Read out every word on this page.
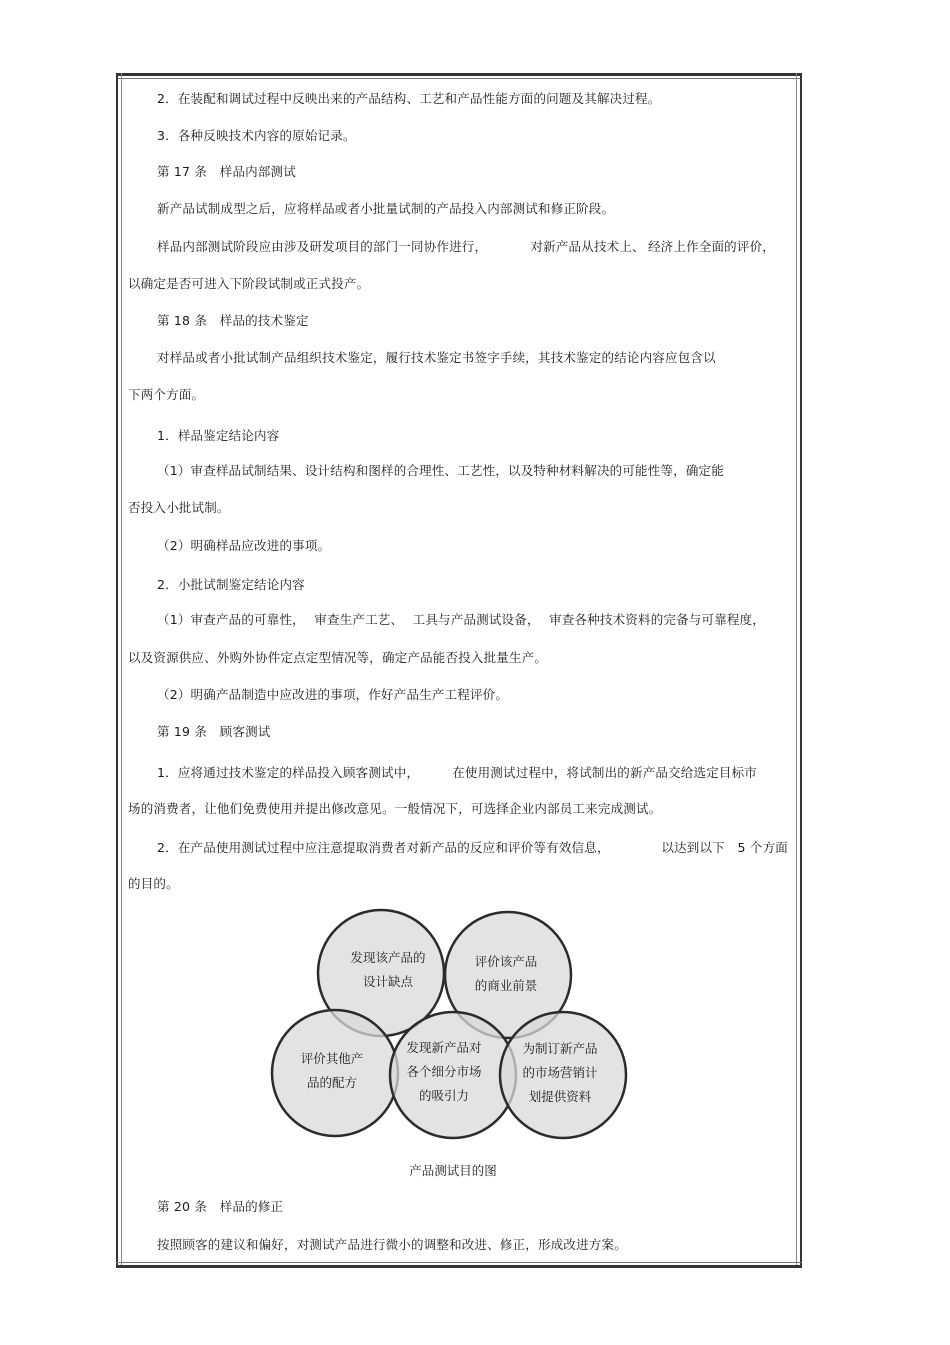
2．在装配和调试过程中反映出来的产品结构、工艺和产品性能方面的问题及其解决过程。
3．各种反映技术内容的原始记录。
第 17 条　样品内部测试
新产品试制成型之后，应将样品或者小批量试制的产品投入内部测试和修正阶段。
样品内部测试阶段应由涉及研发项目的部门一同协作进行，	对新产品从技术上、 经济上作全面的评价，
以确定是否可进入下阶段试制或正式投产。
第 18 条　样品的技术鉴定
对样品或者小批试制产品组织技术鉴定，履行技术鉴定书签字手续，其技术鉴定的结论内容应包含以
下两个方面。
1．样品鉴定结论内容
（1）审查样品试制结果、设计结构和图样的合理性、工艺性，以及特种材料解决的可能性等，确定能
否投入小批试制。
（2）明确样品应改进的事项。
2．小批试制鉴定结论内容
（1）审查产品的可靠性， 审查生产工艺、 工具与产品测试设备， 审查各种技术资料的完备与可靠程度，
以及资源供应、外购外协件定点定型情况等，确定产品能否投入批量生产。
（2）明确产品制造中应改进的事项，作好产品生产工程评价。
第 19 条　顾客测试
1．应将通过技术鉴定的样品投入顾客测试中，	在使用测试过程中，将试制出的新产品交给选定目标市
场的消费者，让他们免费使用并提出修改意见。一般情况下，可选择企业内部员工来完成测试。
2．在产品使用测试过程中应注意提取消费者对新产品的反应和评价等有效信息，	以达到以下　5 个方面
的目的。
发现该产品的
设计缺点
评价该产品
的商业前景
评价其他产
品的配方
发现新产品对
各个细分市场
的吸引力
为制订新产品
的市场营销计
划提供资料
产品测试目的图
第 20 条　样品的修正
按照顾客的建议和偏好，对测试产品进行微小的调整和改进、修正，形成改进方案。
